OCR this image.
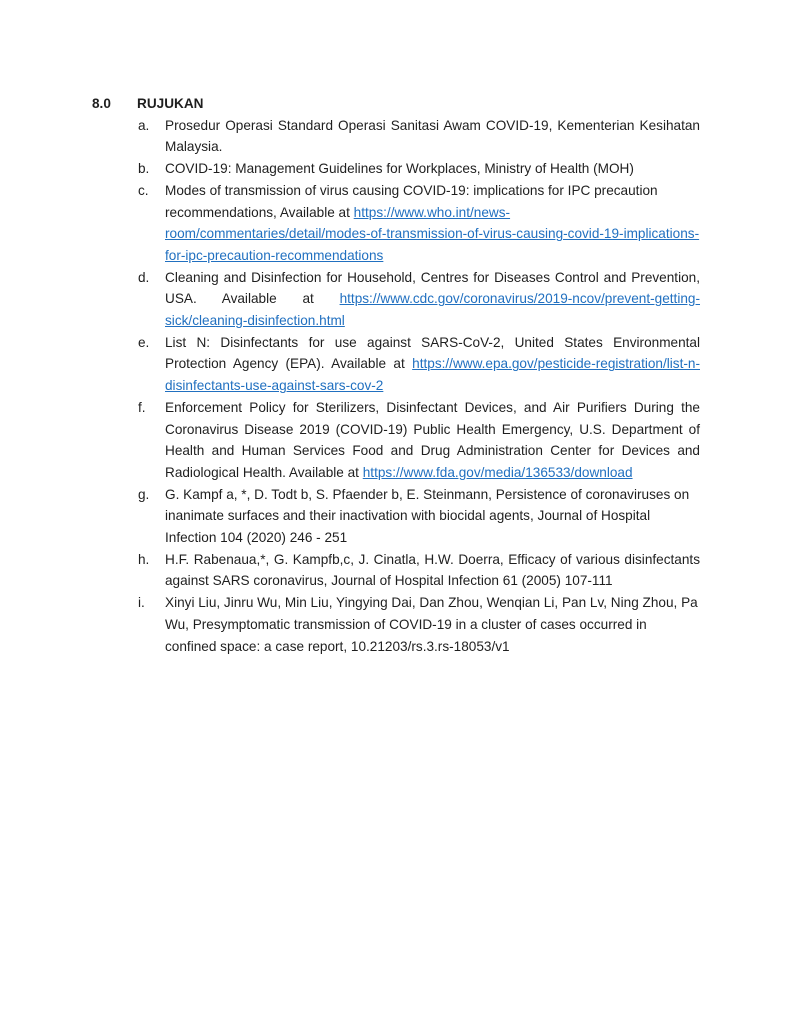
8.0	RUJUKAN
a.	Prosedur Operasi Standard Operasi Sanitasi Awam COVID-19, Kementerian Kesihatan Malaysia.
b.	COVID-19: Management Guidelines for Workplaces, Ministry of Health (MOH)
c.	Modes of transmission of virus causing COVID-19: implications for IPC precaution recommendations, Available at https://www.who.int/news-room/commentaries/detail/modes-of-transmission-of-virus-causing-covid-19-implications-for-ipc-precaution-recommendations
d.	Cleaning and Disinfection for Household, Centres for Diseases Control and Prevention, USA. Available at https://www.cdc.gov/coronavirus/2019-ncov/prevent-getting-sick/cleaning-disinfection.html
e.	List N: Disinfectants for use against SARS-CoV-2, United States Environmental Protection Agency (EPA). Available at https://www.epa.gov/pesticide-registration/list-n-disinfectants-use-against-sars-cov-2
f.	Enforcement Policy for Sterilizers, Disinfectant Devices, and Air Purifiers During the Coronavirus Disease 2019 (COVID-19) Public Health Emergency, U.S. Department of Health and Human Services Food and Drug Administration Center for Devices and Radiological Health. Available at https://www.fda.gov/media/136533/download
g.	G. Kampf a, *, D. Todt b, S. Pfaender b, E. Steinmann, Persistence of coronaviruses on inanimate surfaces and their inactivation with biocidal agents, Journal of Hospital Infection 104 (2020) 246 - 251
h.	H.F. Rabenaua,*, G. Kampfb,c, J. Cinatla, H.W. Doerra, Efficacy of various disinfectants against SARS coronavirus, Journal of Hospital Infection 61 (2005) 107-111
i.	Xinyi Liu, Jinru Wu, Min Liu, Yingying Dai, Dan Zhou, Wenqian Li, Pan Lv, Ning Zhou, Pa Wu, Presymptomatic transmission of COVID-19 in a cluster of cases occurred in confined space: a case report, 10.21203/rs.3.rs-18053/v1
